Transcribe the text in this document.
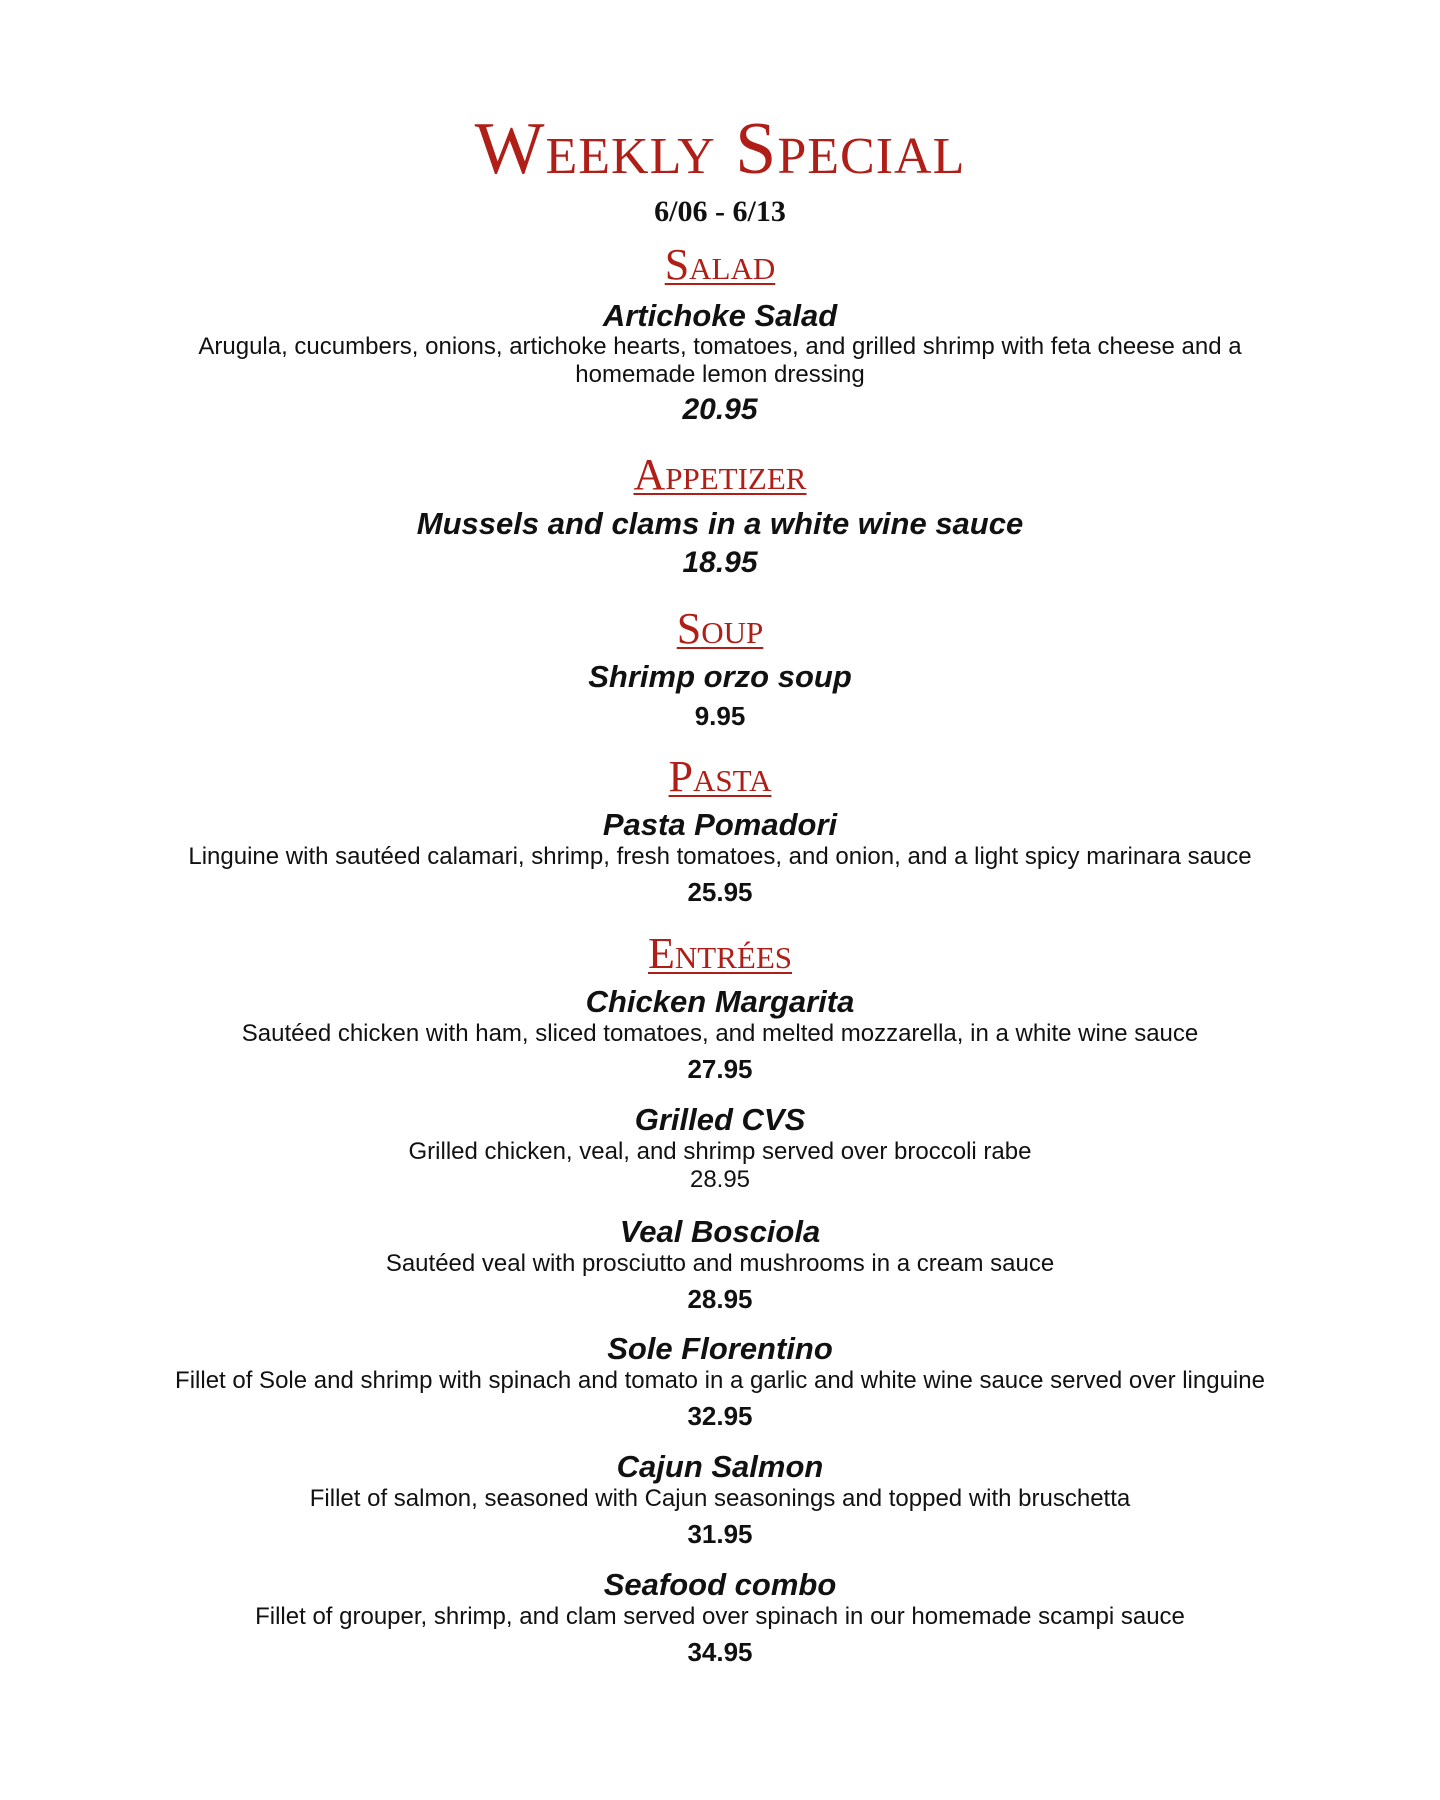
Weekly Special
6/06 - 6/13
Salad
Artichoke Salad
Arugula, cucumbers, onions, artichoke hearts, tomatoes, and grilled shrimp with feta cheese and a
homemade lemon dressing
20.95
Appetizer
Mussels and clams in a white wine sauce
18.95
Soup
Shrimp orzo soup
9.95
Pasta
Pasta Pomadori
Linguine with sautéed calamari, shrimp, fresh tomatoes, and onion, and a light spicy marinara sauce
25.95
Entrées
Chicken Margarita
Sautéed chicken with ham, sliced tomatoes, and melted mozzarella, in a white wine sauce
27.95
Grilled CVS
Grilled chicken, veal, and shrimp served over broccoli rabe
28.95
Veal Bosciola
Sautéed veal with prosciutto and mushrooms in a cream sauce
28.95
Sole Florentino
Fillet of Sole and shrimp with spinach and tomato in a garlic and white wine sauce served over linguine
32.95
Cajun Salmon
Fillet of salmon, seasoned with Cajun seasonings and topped with bruschetta
31.95
Seafood combo
Fillet of grouper, shrimp, and clam served over spinach in our homemade scampi sauce
34.95
